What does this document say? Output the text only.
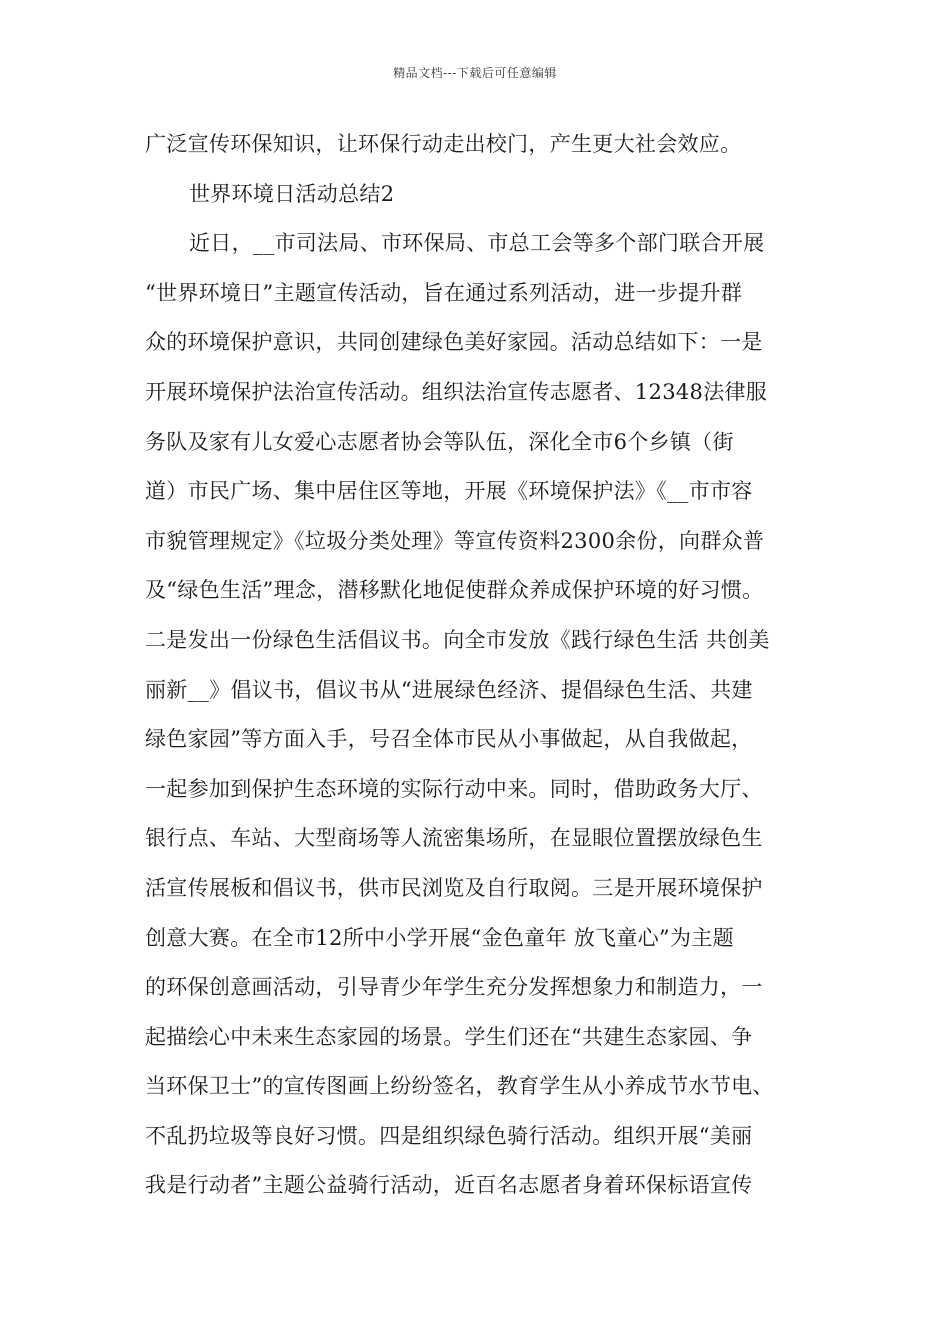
精品文档---下载后可任意编辑
广泛宣传环保知识，让环保行动走出校门，产生更大社会效应。
世界环境日活动总结2
近日，__市司法局、市环保局、市总工会等多个部门联合开展
“世界环境日”主题宣传活动，旨在通过系列活动，进一步提升群
众的环境保护意识，共同创建绿色美好家园。活动总结如下：一是
开展环境保护法治宣传活动。组织法治宣传志愿者、12348法律服
务队及家有儿女爱心志愿者协会等队伍，深化全市6个乡镇（街
道）市民广场、集中居住区等地，开展《环境保护法》《__市市容
市貌管理规定》《垃圾分类处理》等宣传资料2300余份，向群众普
及“绿色生活”理念，潜移默化地促使群众养成保护环境的好习惯。
二是发出一份绿色生活倡议书。向全市发放《践行绿色生活 共创美
丽新__》倡议书，倡议书从“进展绿色经济、提倡绿色生活、共建
绿色家园”等方面入手，号召全体市民从小事做起，从自我做起，
一起参加到保护生态环境的实际行动中来。同时，借助政务大厅、
银行点、车站、大型商场等人流密集场所，在显眼位置摆放绿色生
活宣传展板和倡议书，供市民浏览及自行取阅。三是开展环境保护
创意大赛。在全市12所中小学开展“金色童年 放飞童心”为主题
的环保创意画活动，引导青少年学生充分发挥想象力和制造力，一
起描绘心中未来生态家园的场景。学生们还在“共建生态家园、争
当环保卫士”的宣传图画上纷纷签名，教育学生从小养成节水节电、
不乱扔垃圾等良好习惯。四是组织绿色骑行活动。组织开展“美丽
我是行动者”主题公益骑行活动，近百名志愿者身着环保标语宣传
